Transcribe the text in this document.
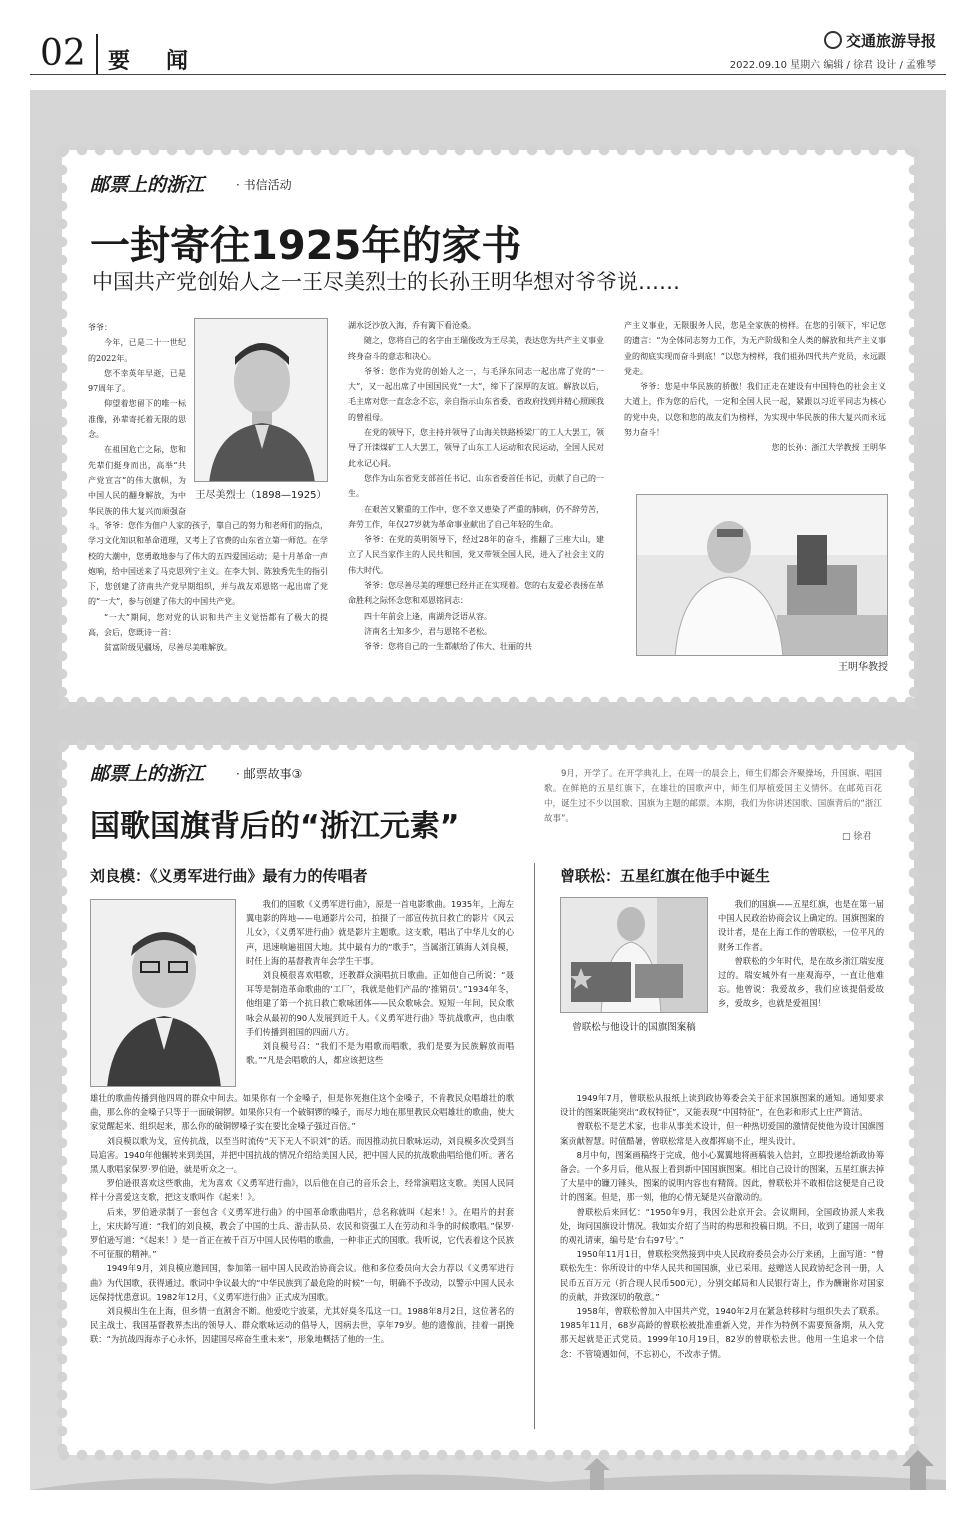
02 要闻
交通旅游导报
2022.09.10 星期六 编辑 / 徐君 设计 / 孟雅琴
邮票上的浙江	· 书信活动
一封寄往1925年的家书
中国共产党创始人之一王尽美烈士的长孙王明华想对爷爷说……

爷爷：

今年，已是二十一世纪的2022年。

您不幸英年早逝，已是97周年了。

仰望着您留下的唯一标准像，孙辈寄托着无限的思念。

在祖国危亡之际，您和先辈们挺身而出，高举“共产党宣言”的伟大旗帜，为中国人民的翻身解放，为中华民族的伟大复兴而顽强奋斗。

王尽美烈士（1898—1925）

爷爷：您作为佃户人家的孩子，靠自己的努力和老师们的指点，学习文化知识和革命道理，又考上了官费的山东省立第一师范。在学校的大潮中，您勇敢地参与了伟大的五四爱国运动；是十月革命一声炮响，给中国送来了马克思列宁主义。在李大钊、陈独秀先生的指引下，您创建了济南共产党早期组织，并与战友邓恩铭一起出席了党的“一大”，参与创建了伟大的中国共产党。

“一大”期间，您对党的认识和共产主义觉悟都有了极大的提高，会后，您既诗一首：

贫富阶级见疆场，尽善尽美唯解放。

湖水泛沙放入海，乔有篱下看沧桑。

随之，您将自己的名字由王瑞俊改为王尽美，表达您为共产主义事业终身奋斗的意志和决心。

爷爷：您作为党的创始人之一，与毛泽东同志一起出席了党的“一大”，又一起出席了中国国民党“一大”，缔下了深厚的友谊。解放以后，毛主席对您一直念念不忘，亲自指示山东省委、省政府找到并精心照顾我的曾祖母。

在党的领导下，您主持并领导了山海关铁路桥梁厂的工人大罢工，领导了开滦煤矿工人大罢工，领导了山东工人运动和农民运动，全国人民对此永记心间。

您作为山东省党支部首任书记、山东省委首任书记，贡献了自己的一生。

在艰苦又繁重的工作中，您不幸又患染了严重的肺病，仍不辞劳苦，奔劳工作，年仅27岁就为革命事业献出了自己年轻的生命。

爷爷：在党的英明领导下，经过28年的奋斗，推翻了三座大山，建立了人民当家作主的人民共和国，党又带领全国人民，进入了社会主义的伟大时代。

爷爷：您尽善尽美的理想已经并正在实现着。您的右友爱必表扬在革命胜利之际怀念您和邓恩铭同志：

四十年前会上逢，南湖舟泛语从容。

济南名士知多少，君与恩铭不老松。

爷爷：您将自己的一生都献给了伟大、壮丽的共

产主义事业，无限服务人民，您是全家族的榜样。在您的引领下，牢记您的遗言：“为全体同志努力工作，为无产阶级和全人类的解放和共产主义事业的彻底实现而奋斗到底！”以您为榜样，我们祖孙四代共产党员，永远跟党走。

爷爷：您是中华民族的骄傲！我们正走在建设有中国特色的社会主义大道上，作为您的后代，一定和全国人民一起，紧跟以习近平同志为核心的党中央，以您和您的战友们为榜样，为实现中华民族的伟大复兴而永远努力奋斗！

您的长孙：浙江大学教授 王明华

王明华教授
邮票上的浙江	· 邮票故事③
国歌国旗背后的“浙江元素”

9月，开学了。在开学典礼上，在周一的晨会上，师生们都会齐聚操场，升国旗、唱国歌。在鲜艳的五星红旗下，在雄壮的国歌声中，师生们厚植爱国主义情怀。在邮苑百花中，诞生过不少以国歌、国旗为主题的邮票。本期，我们为你讲述国歌、国旗背后的“浙江故事”。

□ 徐君
刘良模：《义勇军进行曲》最有力的传唱者	曾联松：五星红旗在他手中诞生

我们的国歌《义勇军进行曲》，原是一首电影歌曲。1935年，上海左翼电影的阵地——电通影片公司，拍摄了一部宣传抗日救亡的影片《风云儿女》，《义勇军进行曲》就是影片主题歌。这支歌，唱出了中华儿女的心声，迅速响遍祖国大地。其中最有力的“歌手”，当属浙江镇海人刘良模，时任上海的基督教青年会学生干事。

刘良模很喜欢唱歌，还教群众演唱抗日歌曲。正如他自己所说：“聂耳等是制造革命歌曲的‘工厂’，我就是他们产品的‘推销员’。”1934年冬，他组建了第一个抗日救亡歌咏团体——民众歌咏会。短短一年间，民众歌咏会从最初的90人发展到近千人。《义勇军进行曲》等抗战歌声，也由歌手们传播到祖国的四面八方。

刘良模号召：“我们不是为唱歌而唱歌，我们是要为民族解放而唱歌。”“凡是会唱歌的人，都应该把这些

雄壮的歌曲传播到他四周的群众中间去。如果你有一个金嗓子，但是你死抱住这个金嗓子，不肯教民众唱雄壮的歌曲，那么你的金嗓子只等于一面破铜锣。如果你只有一个破铜锣的嗓子，而尽力地在那里教民众唱雄壮的歌曲，使大家觉醒起来、组织起来，那么你的破铜锣嗓子实在要比金嗓子强过百倍。”

刘良模以歌为戈，宣传抗战，以至当时流传“天下无人不识刘”的话。而因推动抗日歌咏运动，刘良模多次受到当局追害。1940年他辗转来到美国，并把中国抗战的情况介绍给美国人民，把中国人民的抗战歌曲唱给他们听。著名黑人歌唱家保罗·罗伯逊，就是听众之一。

罗伯逊很喜欢这些歌曲，尤为喜欢《义勇军进行曲》，以后他在自己的音乐会上，经常演唱这支歌。美国人民同样十分喜爱这支歌，把这支歌叫作《起来！》。

后来，罗伯逊录制了一套包含《义勇军进行曲》的中国革命歌曲唱片，总名称就叫《起来！》。在唱片的封套上，宋庆龄写道：“我们的刘良模，教会了中国的士兵、游击队员、农民和资强工人在劳动和斗争的时候歌唱。”保罗·罗伯逊写道：“《起来！》是一首正在被千百万中国人民传唱的歌曲，一种非正式的国歌。我听说，它代表着这个民族不可征服的精神。”

1949年9月，刘良模应邀回国，参加第一届中国人民政治协商会议。他和多位委员向大会力荐以《义勇军进行曲》为代国歌，获得通过。歌词中争议最大的“中华民族到了最危险的时候”一句，明确不予改动，以警示中国人民永远保持忧患意识。1982年12月，《义勇军进行曲》正式成为国歌。

刘良模出生在上海，但乡情一直割舍不断。他爱吃宁波菜，尤其好臭冬瓜这一口。1988年8月2日，这位著名的民主战士、我国基督教界杰出的领导人、群众歌咏运动的倡导人，因病去世，享年79岁。他的遗像前，挂着一副挽联：“为抗战四海赤子心永怀，因建国尽瘁奋生重未来”，形象地概括了他的一生。

曾联松与他设计的国旗图案稿

我们的国旗——五星红旗，也是在第一届中国人民政治协商会议上确定的。国旗图案的设计者，是在上海工作的曾联松，一位平凡的财务工作者。

曾联松的少年时代，是在故乡浙江瑞安度过的。瑞安城外有一座观海亭，一直让他难忘。他曾说：我爱故乡，我们应该提倡爱故乡，爱故乡，也就是爱祖国！

1949年7月，曾联松从报纸上读到政协筹委会关于征求国旗图案的通知。通知要求设计的图案既能突出“政权特征”，又能表现“中国特征”，在色彩和形式上庄严简洁。

曾联松不是艺术家，也非从事美术设计，但一种热切爱国的激情促使他为设计国旗图案贡献智慧。时值酷暑，曾联松常是入夜都挥扇不止，埋头设计。

8月中旬，图案画稿终于完成，他小心翼翼地将画稿装入信封，立即投递给新政协筹备会。一个多月后，他从报上看到新中国国旗图案。相比自己设计的图案，五星红旗去掉了大星中的镰刀锤头，图案的说明内容也有精简。因此，曾联松并不敢相信这便是自己设计的图案。但是，那一刻，他的心情无疑是兴奋激动的。

曾联松后来回忆：“1950年9月，我因公赴京开会。会议期间，全国政协派人来我处，询问国旗设计情况。我如实介绍了当时的构思和投稿日期。不日，收到了建国一周年的观礼请柬，编号是‘台右97号’。”

1950年11月1日，曾联松突然接到中央人民政府委员会办公厅来函，上面写道：“曾联松先生：你所设计的中华人民共和国国旗，业已采用。兹赠送人民政协纪念刊一册，人民币五百万元（折合现人民币500元），分别交邮局和人民银行寄上，作为酬谢你对国家的贡献，并致深切的敬意。”

1958年，曾联松曾加入中国共产党，1940年2月在紧急转移时与组织失去了联系。1985年11月，68岁高龄的曾联松被批准重新入党，并作为特例不需要预备期，从入党那天起就是正式党员。1999年10月19日，82岁的曾联松去世。他用一生追求一个信念：不管境遇如何，不忘初心，不改赤子情。
